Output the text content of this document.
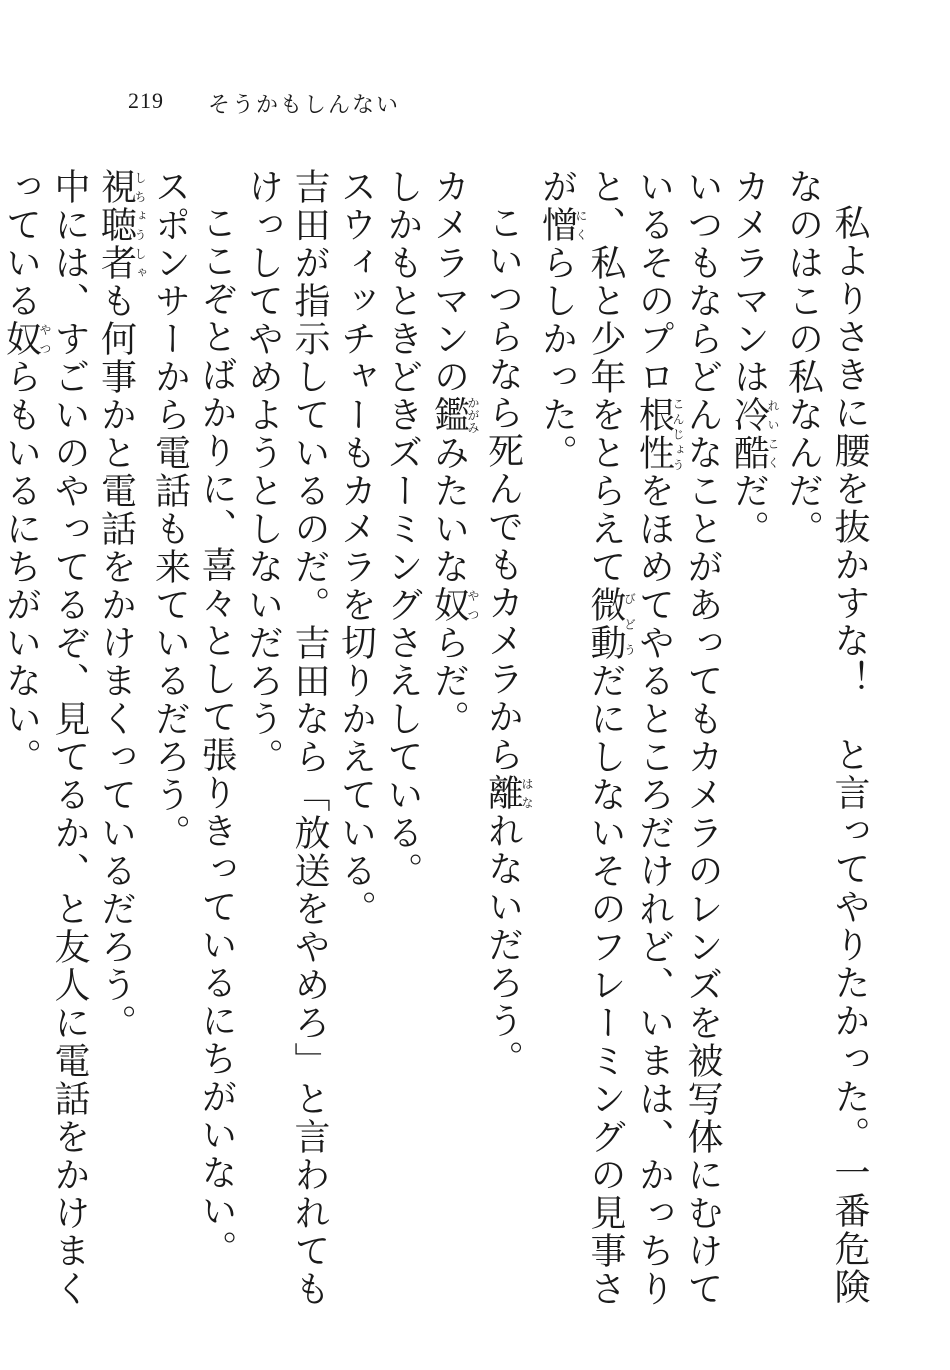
219 そうかもしんない

私よりさきに腰を抜かすな！　と言ってやりたかった。一番危険なのはこの私なんだ。

カメラマンは冷酷れいこくだ。

いつもならどんなことがあってもカメラのレンズを被写体にむけているそのプロ根性こんじょうをほめてやるところだけれど、いまは、かっちりと、私と少年をとらえて微動びどうだにしないそのフレーミングの見事さが憎にくらしかった。

こいつらなら死んでもカメラから離はなれないだろう。

カメラマンの鑑かがみみたいな奴やつらだ。

しかもときどきズーミングさえしている。

スウィッチャーもカメラを切りかえている。

吉田が指示しているのだ。吉田なら「放送をやめろ」と言われてもけっしてやめようとしないだろう。

ここぞとばかりに、喜々として張りきっているにちがいない。

スポンサーから電話も来ているだろう。

視聴者しちょうしゃも何事かと電話をかけまくっているだろう。

中には、すごいのやってるぞ、見てるか、と友人に電話をかけまくっている奴やつらもいるにちがいない。
